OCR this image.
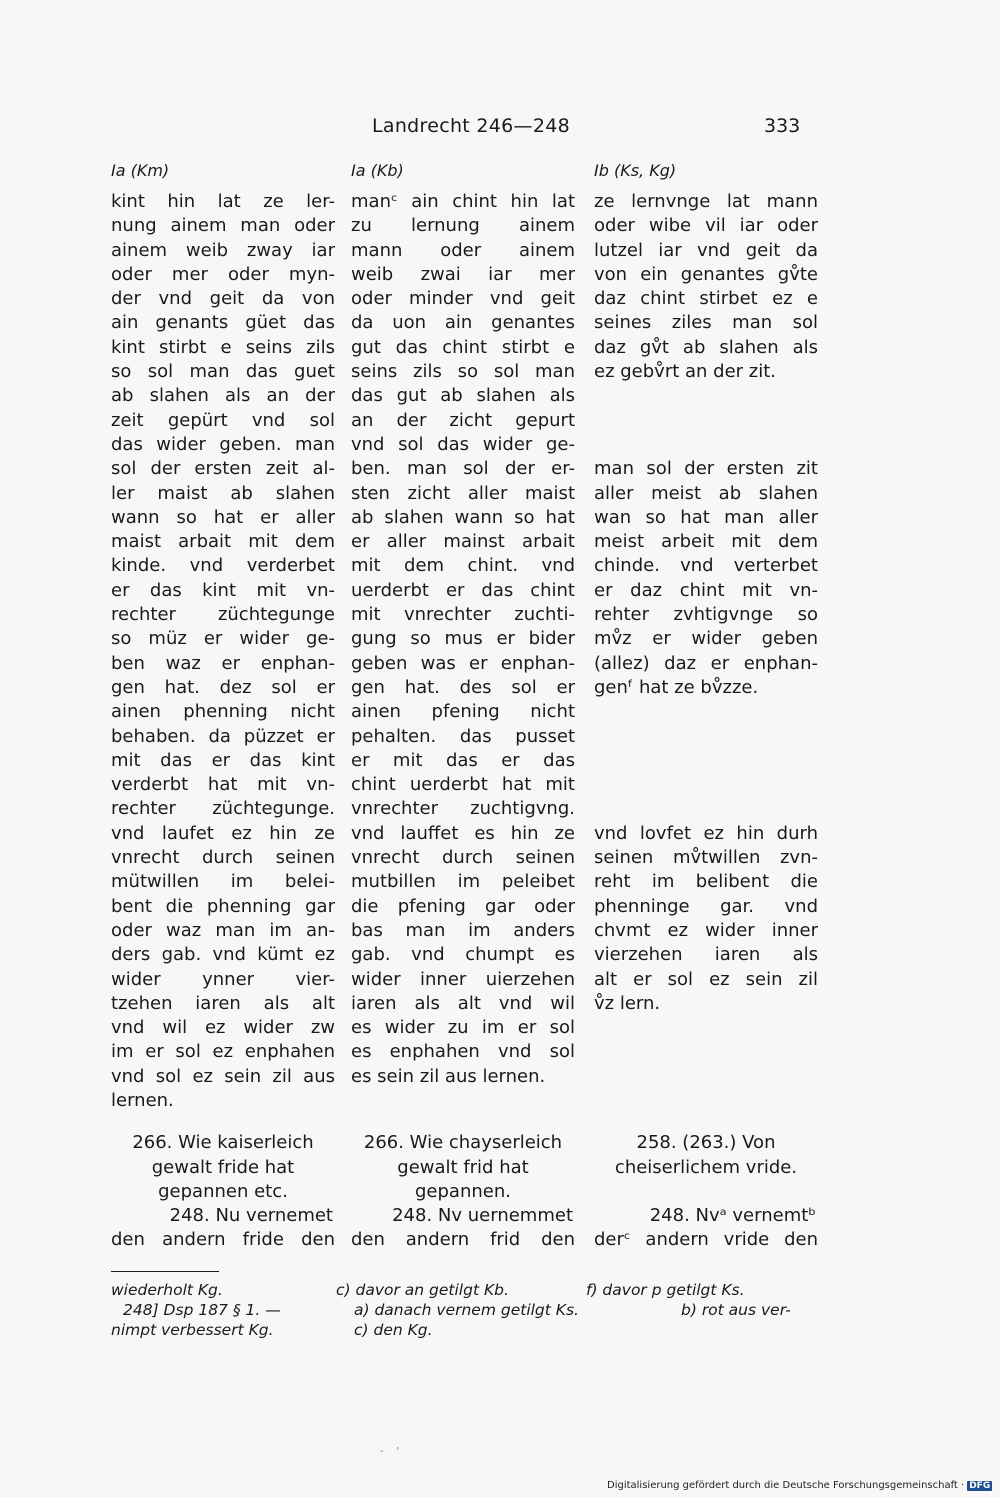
Landrecht 246—248	333
Ia (Km)
kint hin lat ze ler-
nung ainem man oder
ainem weib zway iar
oder mer oder myn-
der vnd geit da von
ain genants güet das
kint stirbt e seins zils
so sol man das guet
ab slahen als an der
zeit gepürt vnd sol
das wider geben. man
sol der ersten zeit al-
ler maist ab slahen
wann so hat er aller
maist arbait mit dem
kinde. vnd verderbet
er das kint mit vn-
rechter züchtegunge
so müz er wider ge-
ben waz er enphan-
gen hat. dez sol er
ainen phenning nicht
behaben. da püzzet er
mit das er das kint
verderbt hat mit vn-
rechter züchtegunge.
vnd laufet ez hin ze
vnrecht durch seinen
mütwillen im belei-
bent die phenning gar
oder waz man im an-
ders gab. vnd kümt ez
wider ynner vier-
tzehen iaren als alt
vnd wil ez wider zw
im er sol ez enphahen
vnd sol ez sein zil aus
lernen.
266. Wie kaiserleich
gewalt fride hat
gepannen etc.
248. Nu vernemet
den andern fride den
Ia (Kb)
manᶜ ain chint hin lat
zu lernung ainem
mann oder ainem
weib zwai iar mer
oder minder vnd geit
da uon ain genantes
gut das chint stirbt e
seins zils so sol man
das gut ab slahen als
an der zicht gepurt
vnd sol das wider ge-
ben. man sol der er-
sten zicht aller maist
ab slahen wann so hat
er aller mainst arbait
mit dem chint. vnd
uerderbt er das chint
mit vnrechter zuchti-
gung so mus er bider
geben was er enphan-
gen hat. des sol er
ainen pfening nicht
pehalten. das pusset
er mit das er das
chint uerderbt hat mit
vnrechter zuchtigvng.
vnd lauffet es hin ze
vnrecht durch seinen
mutbillen im peleibet
die pfening gar oder
bas man im anders
gab. vnd chumpt es
wider inner uierzehen
iaren als alt vnd wil
es wider zu im er sol
es enphahen vnd sol
es sein zil aus lernen.
266. Wie chayserleich
gewalt frid hat
gepannen.
248. Nv uernemmet
den andern frid den
Ib (Ks, Kg)
ze lernvnge lat mann
oder wibe vil iar oder
lutzel iar vnd geit da
von ein genantes gv̊te
daz chint stirbet ez e
seines ziles man sol
daz gv̊t ab slahen als
ez gebv̊rt an der zit.
man sol der ersten zit
aller meist ab slahen
wan so hat man aller
meist arbeit mit dem
chinde. vnd verterbet
er daz chint mit vn-
rehter zvhtigvnge so
mv̊z er wider geben
(allez) daz er enphan-
genᶠ hat ze bv̊zze.
vnd lovfet ez hin durh
seinen mv̊twillen zvn-
reht im belibent die
phenninge gar. vnd
chvmt ez wider inner
vierzehen iaren als
alt er sol ez sein zil
v̊z lern.
258. (263.) Von
cheiserlichem vride.
248. Nvᵃ vernemtᵇ
derᶜ andern vride den
wiederholt Kg.	c) davor an getilgt Kb.	f) davor p getilgt Ks.
248] Dsp 187 § 1. —	a) danach vernem getilgt Ks.	b) rot aus ver-
nimpt verbessert Kg.	c) den Kg.
-    '
Digitalisierung gefördert durch die Deutsche Forschungsgemeinschaft · DFG
